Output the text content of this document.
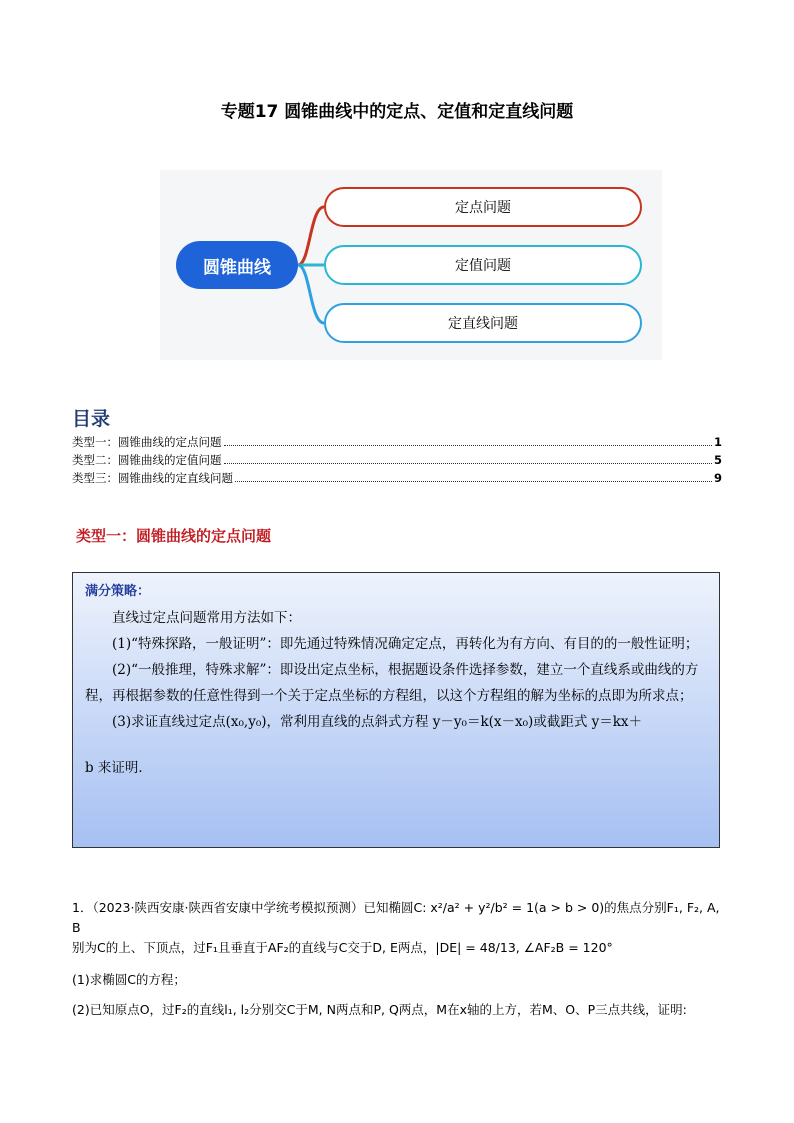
专题17 圆锥曲线中的定点、定值和定直线问题
圆锥曲线
定点问题
定值问题
定直线问题
目录
类型一：圆锥曲线的定点问题	1
类型二：圆锥曲线的定值问题	5
类型三：圆锥曲线的定直线问题	9
类型一：圆锥曲线的定点问题
满分策略：

直线过定点问题常用方法如下：

(1)“特殊探路，一般证明”：即先通过特殊情况确定定点，再转化为有方向、有目的的一般性证明；

(2)“一般推理，特殊求解”：即设出定点坐标，根据题设条件选择参数，建立一个直线系或曲线的方程，再根据参数的任意性得到一个关于定点坐标的方程组，以这个方程组的解为坐标的点即为所求点；

(3)求证直线过定点(x₀,y₀)，常利用直线的点斜式方程 y－y₀＝k(x－x₀)或截距式 y＝kx＋

b 来证明．

1．（2023·陕西安康·陕西省安康中学统考模拟预测）已知椭圆C: x²/a² + y²/b² = 1(a > b > 0)的焦点分别F₁, F₂, A, B
别为C的上、下顶点，过F₁且垂直于AF₂的直线与C交于D, E两点，|DE| = 48/13, ∠AF₂B = 120°
(1)求椭圆C的方程；
(2)已知原点O，过F₂的直线l₁, l₂分别交C于M, N两点和P, Q两点，M在x轴的上方，若M、O、P三点共线，证明:
